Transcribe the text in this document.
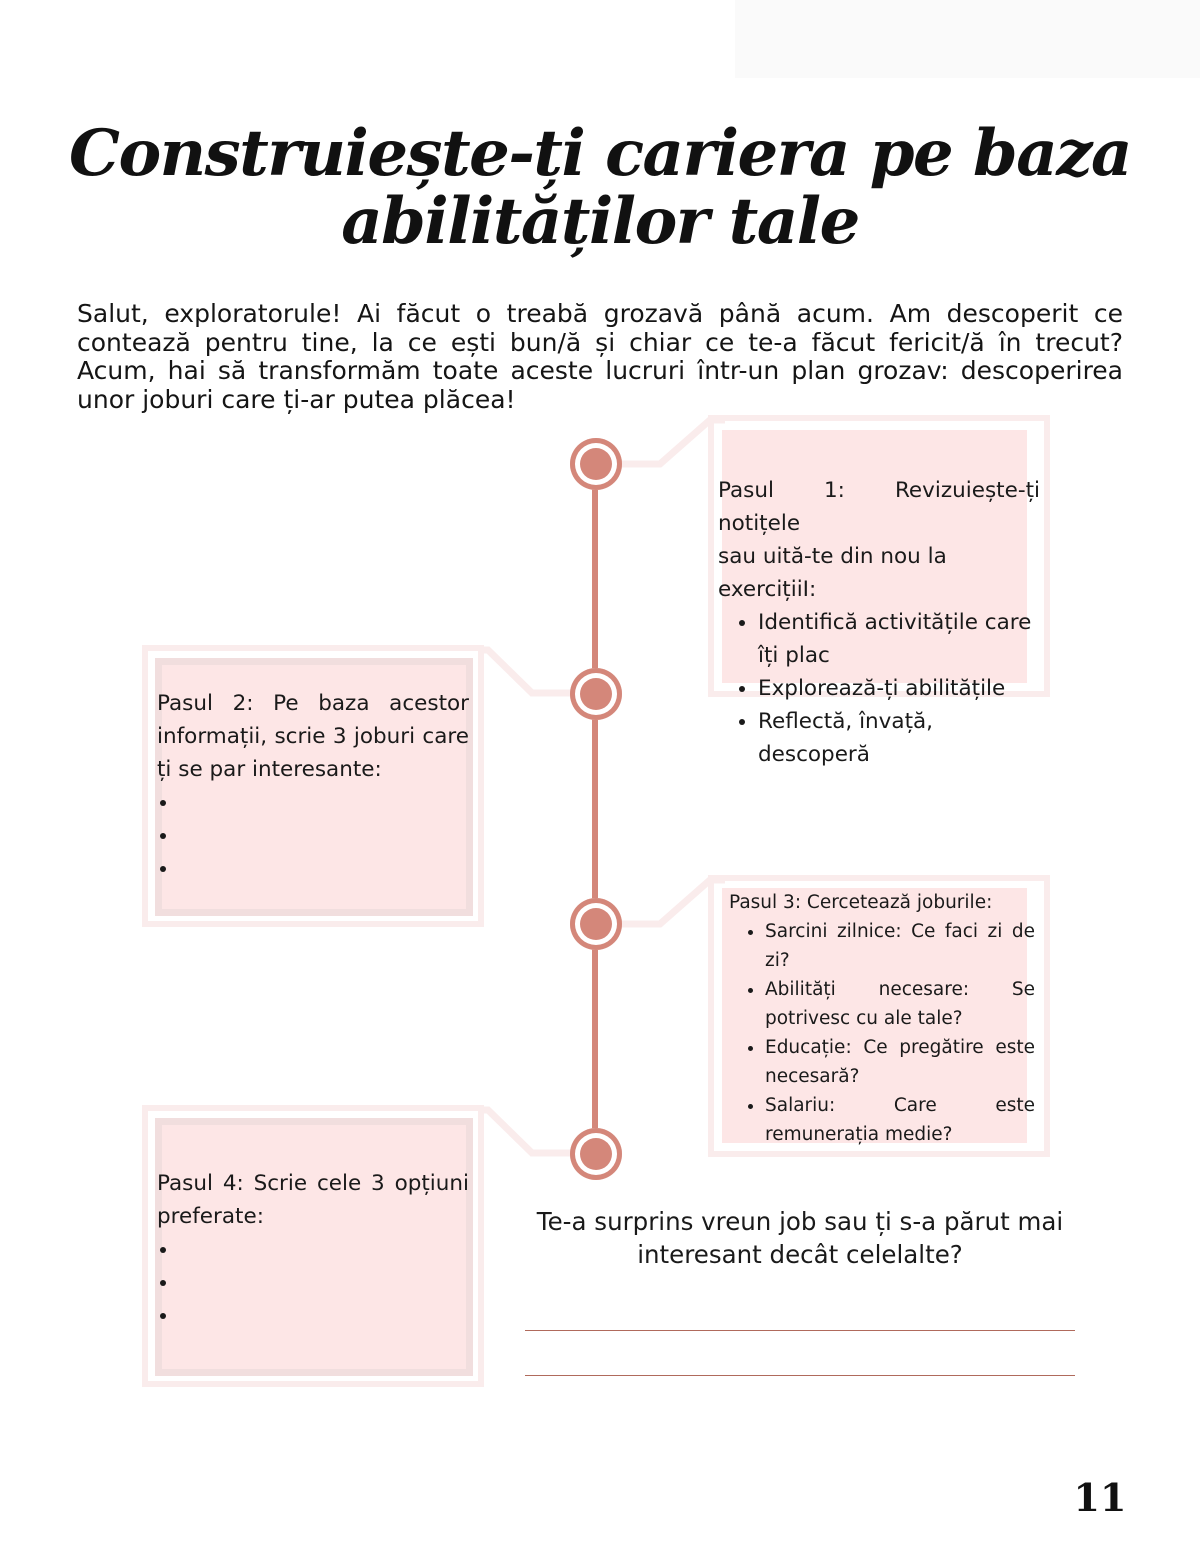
Construiește-ți cariera pe baza abilităților tale

Salut, exploratorule! Ai făcut o treabă grozavă până acum. Am descoperit ce contează pentru tine, la ce ești bun/ă și chiar ce te-a făcut fericit/ă în trecut? Acum, hai să transformăm toate aceste lucruri într-un plan grozav: descoperirea unor joburi care ți-ar putea plăcea!

Pasul 1: Revizuiește-ți notițele
sau uită-te din nou la exercițiiI:
• Identifică activitățile care îți plac
• Explorează-ți abilitățile
• Reflectă, învață, descoperă
Pasul 2: Pe baza acestor
informații, scrie 3 joburi care
ți se par interesante:
•
•
•
Pasul 3: Cercetează joburile:
• Sarcini zilnice: Ce faci zi de zi?
• Abilități necesare: Se potrivesc cu ale tale?
• Educație: Ce pregătire este necesară?
• Salariu: Care este remunerația medie?
Pasul 4: Scrie cele 3 opțiuni
preferate:
•
•
•	Te-a surprins vreun job sau ți s-a părut mai
interesant decât celelalte?
11
